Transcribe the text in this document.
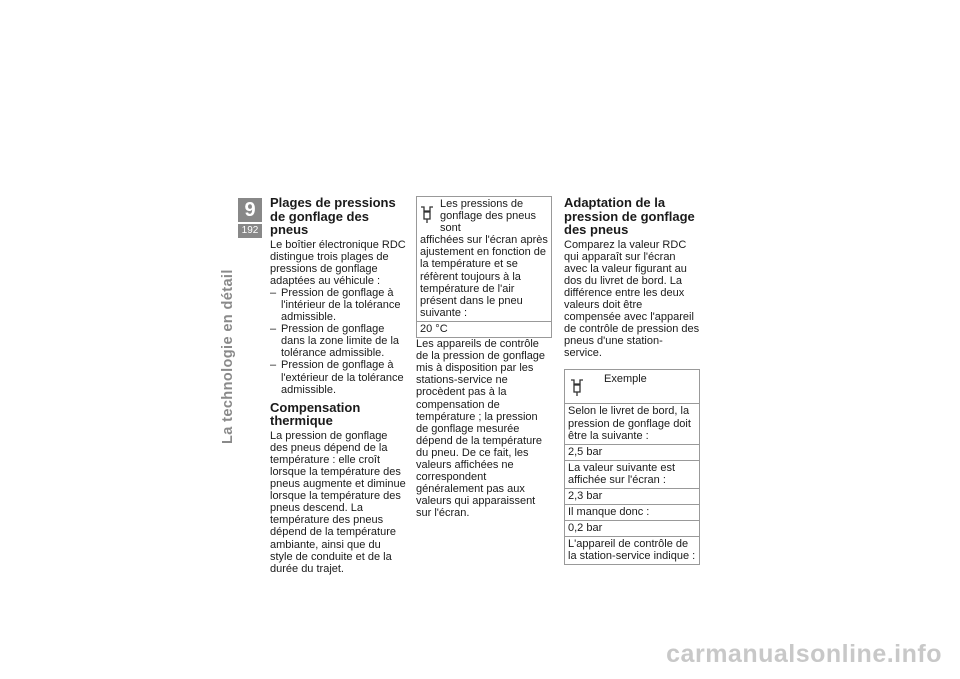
9
192
La technologie en détail
Plages de pressions de gonflage des pneus

Le boîtier électronique RDC distingue trois plages de pressions de gonflage adaptées au véhicule :

– Pression de gonflage à l'intérieur de la tolérance admissible.
– Pression de gonflage dans la zone limite de la tolérance admissible.
– Pression de gonflage à l'extérieur de la tolérance admissible.
Compensation thermique

La pression de gonflage des pneus dépend de la température : elle croît lorsque la température des pneus augmente et diminue lorsque la température des pneus descend. La température des pneus dépend de la température ambiante, ainsi que du style de conduite et de la durée du trajet.

Les pressions de gonflage des pneus sont
affichées sur l'écran après ajustement en fonction de la température et se réfèrent toujours à la température de l'air présent dans le pneu suivante :
20 °C

Les appareils de contrôle de la pression de gonflage mis à disposition par les stations-service ne procèdent pas à la compensation de température ; la pression de gonflage mesurée dépend de la température du pneu. De ce fait, les valeurs affichées ne correspondent généralement pas aux valeurs qui apparaissent sur l'écran.

Adaptation de la pression de gonflage des pneus

Comparez la valeur RDC qui apparaît sur l'écran avec la valeur figurant au dos du livret de bord. La différence entre les deux valeurs doit être compensée avec l'appareil de contrôle de pression des pneus d'une station-service.

Exemple
Selon le livret de bord, la pression de gonflage doit être la suivante :
2,5 bar
La valeur suivante est affichée sur l'écran :
2,3 bar
Il manque donc :
0,2 bar
L'appareil de contrôle de la station-service indique :
carmanualsonline.info
